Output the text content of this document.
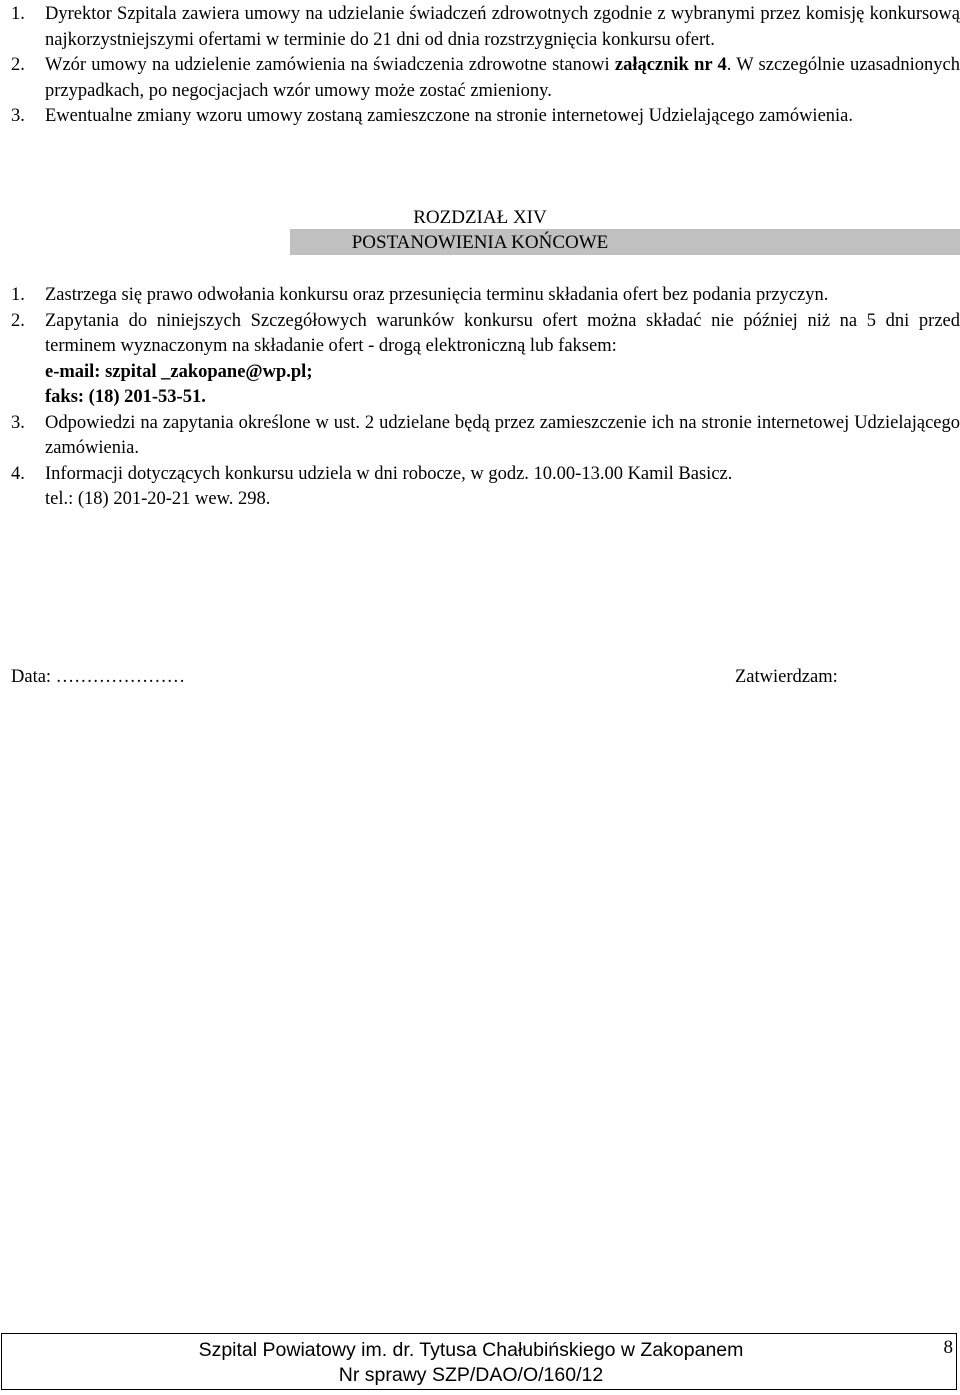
1. Dyrektor Szpitala zawiera umowy na udzielanie świadczeń zdrowotnych zgodnie z wybranymi przez komisję konkursową najkorzystniejszymi ofertami w terminie do 21 dni od dnia rozstrzygnięcia konkursu ofert.
2. Wzór umowy na udzielenie zamówienia na świadczenia zdrowotne stanowi załącznik nr 4. W szczególnie uzasadnionych przypadkach, po negocjacjach wzór umowy może zostać zmieniony.
3. Ewentualne zmiany wzoru umowy zostaną zamieszczone na stronie internetowej Udzielającego zamówienia.
ROZDZIAŁ XIV
POSTANOWIENIA KOŃCOWE
1. Zastrzega się prawo odwołania konkursu oraz przesunięcia terminu składania ofert bez podania przyczyn.
2. Zapytania do niniejszych Szczegółowych warunków konkursu ofert można składać nie później niż na 5 dni przed terminem wyznaczonym na składanie ofert - drogą elektroniczną lub faksem:
e-mail: szpital _zakopane@wp.pl;
faks: (18) 201-53-51.
3. Odpowiedzi na zapytania określone w ust. 2 udzielane będą przez zamieszczenie ich na stronie internetowej Udzielającego zamówienia.
4. Informacji dotyczących konkursu udziela w dni robocze, w godz. 10.00-13.00 Kamil Basicz.
tel.: (18) 201-20-21 wew. 298.
Data: …………………	Zatwierdzam:
Szpital Powiatowy im. dr. Tytusa Chałubińskiego w Zakopanem
Nr sprawy SZP/DAO/O/160/12
8
